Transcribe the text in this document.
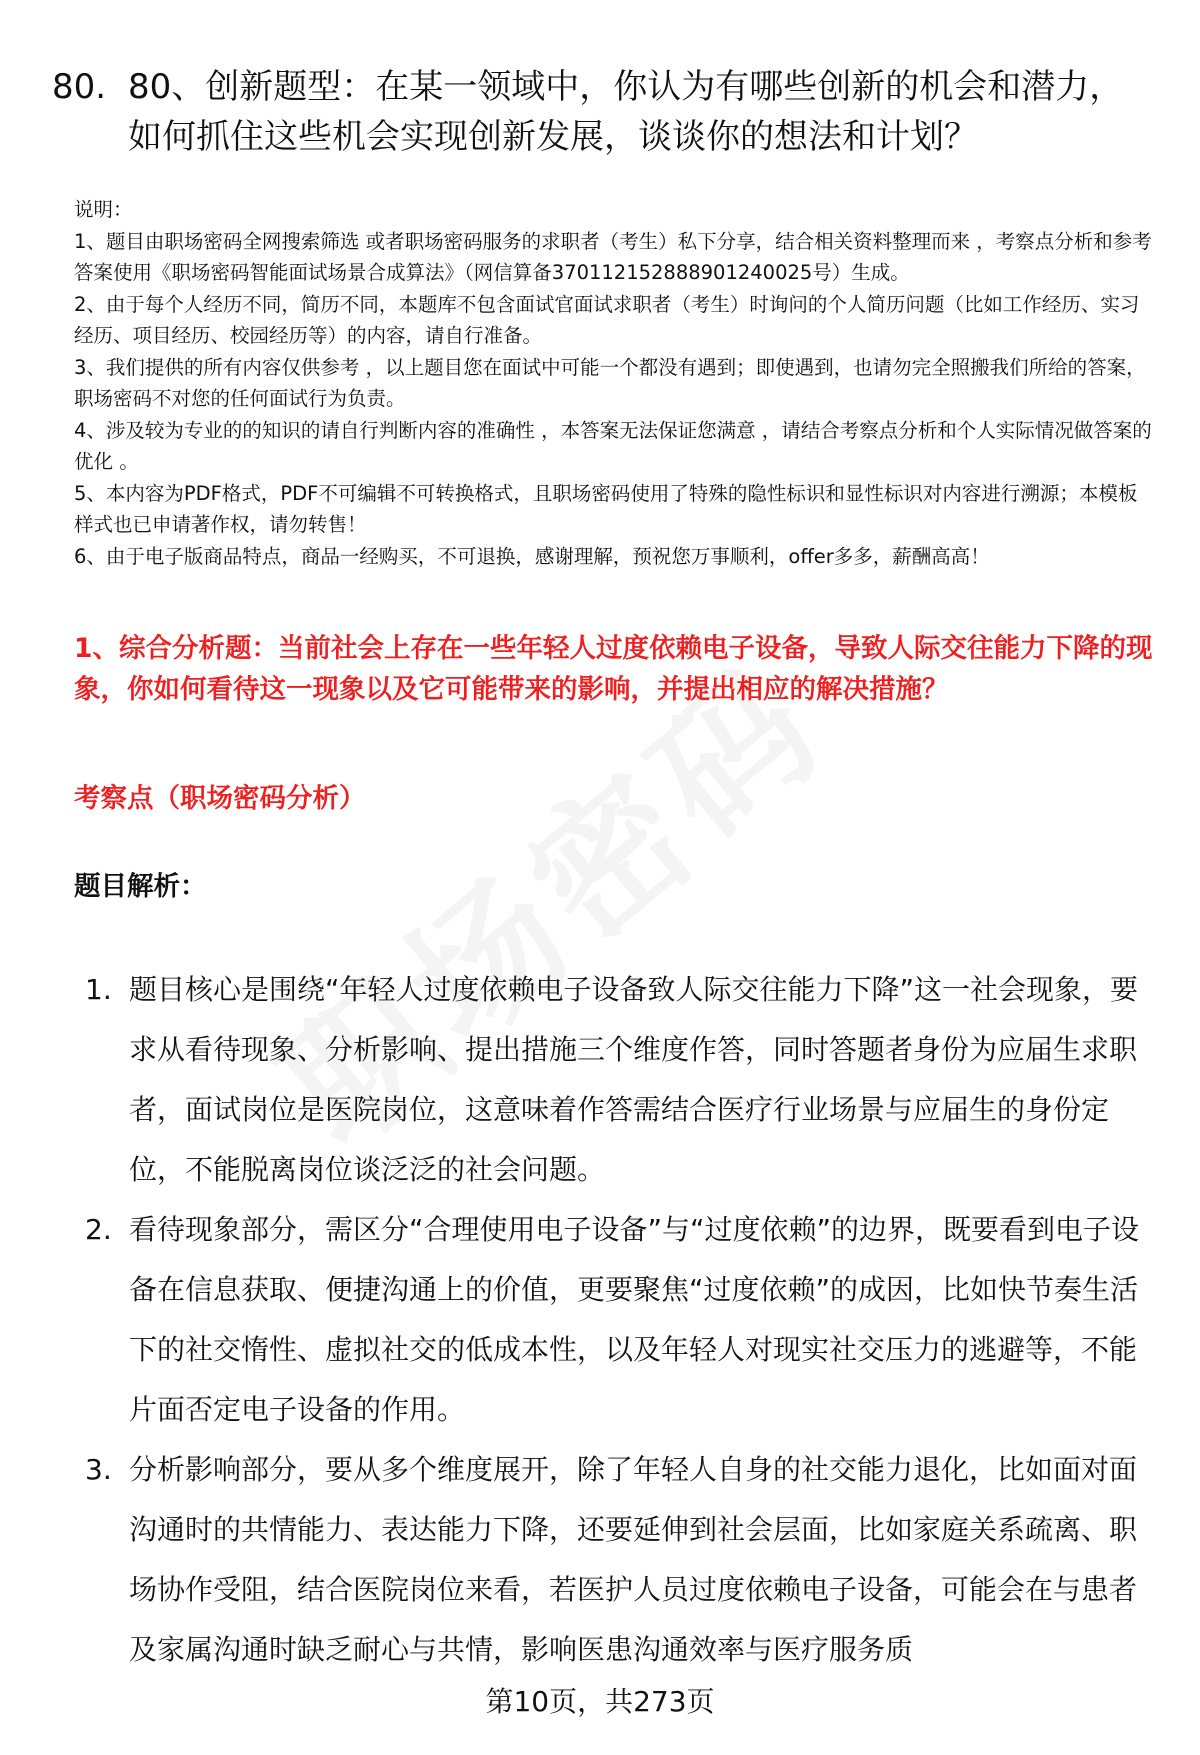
80. 80、创新题型：在某一领域中，你认为有哪些创新的机会和潜力，如何抓住这些机会实现创新发展，谈谈你的想法和计划？

说明：

1、题目由职场密码全网搜索筛选 或者职场密码服务的求职者（考生）私下分享，结合相关资料整理而来 ，考察点分析和参考答案使用《职场密码智能面试场景合成算法》（网信算备370112152888901240025号）生成。

2、由于每个人经历不同，简历不同，本题库不包含面试官面试求职者（考生）时询问的个人简历问题（比如工作经历、实习经历、项目经历、校园经历等）的内容，请自行准备。

3、我们提供的所有内容仅供参考 ，以上题目您在面试中可能一个都没有遇到；即使遇到，也请勿完全照搬我们所给的答案，职场密码不对您的任何面试行为负责。

4、涉及较为专业的的知识的请自行判断内容的准确性 ，本答案无法保证您满意 ，请结合考察点分析和个人实际情况做答案的优化 。

5、本内容为PDF格式，PDF不可编辑不可转换格式，且职场密码使用了特殊的隐性标识和显性标识对内容进行溯源；本模板样式也已申请著作权，请勿转售！

6、由于电子版商品特点，商品一经购买，不可退换，感谢理解，预祝您万事顺利，offer多多，薪酬高高！

1、综合分析题：当前社会上存在一些年轻人过度依赖电子设备，导致人际交往能力下降的现象，你如何看待这一现象以及它可能带来的影响，并提出相应的解决措施？
考察点（职场密码分析）
题目解析：
1. 题目核心是围绕“年轻人过度依赖电子设备致人际交往能力下降”这一社会现象，要求从看待现象、分析影响、提出措施三个维度作答，同时答题者身份为应届生求职者，面试岗位是医院岗位，这意味着作答需结合医疗行业场景与应届生的身份定位，不能脱离岗位谈泛泛的社会问题。
2. 看待现象部分，需区分“合理使用电子设备”与“过度依赖”的边界，既要看到电子设备在信息获取、便捷沟通上的价值，更要聚焦“过度依赖”的成因，比如快节奏生活下的社交惰性、虚拟社交的低成本性，以及年轻人对现实社交压力的逃避等，不能片面否定电子设备的作用。
3. 分析影响部分，要从多个维度展开，除了年轻人自身的社交能力退化，比如面对面沟通时的共情能力、表达能力下降，还要延伸到社会层面，比如家庭关系疏离、职场协作受阻，结合医院岗位来看，若医护人员过度依赖电子设备，可能会在与患者及家属沟通时缺乏耐心与共情，影响医患沟通效率与医疗服务质
第10页，共273页
